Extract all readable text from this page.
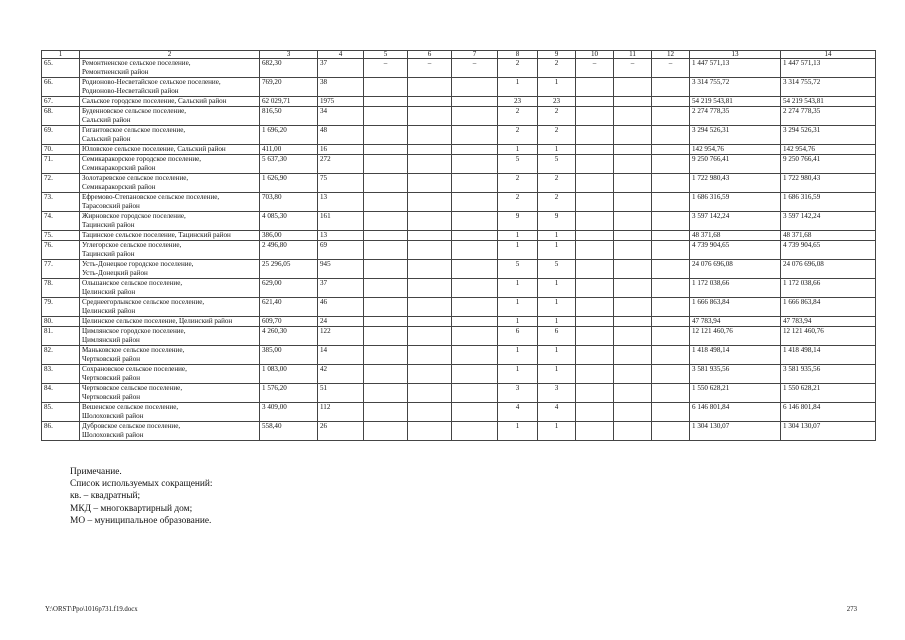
1	2	3	4	5	6	7	8	9	10	11	12	13	14
65.	Ремонтненское сельское поселение,
Ремонтненский район	682,30	37	–	–	–	2	2	–	–	–	1 447 571,13	1 447 571,13
66.	Родионово-Несветайское сельское поселение,
Родионово-Несветайский район	769,20	38				1	1				3 314 755,72	3 314 755,72
67.	Сальское городское поселение, Сальский район	62 029,71	1975				23	23				54 219 543,81	54 219 543,81
68.	Буденновское сельское поселение,
Сальский район	816,50	34				2	2				2 274 778,35	2 274 778,35
69.	Гигантовское сельское поселение,
Сальский район	1 696,20	48				2	2				3 294 526,31	3 294 526,31
70.	Юловское сельское поселение, Сальский район	411,00	16				1	1				142 954,76	142 954,76
71.	Семикаракорское городское поселение,
Семикаракорский район	5 637,30	272				5	5				9 250 766,41	9 250 766,41
72.	Золотаревское сельское поселение,
Семикаракорский район	1 626,90	75				2	2				1 722 980,43	1 722 980,43
73.	Ефремово-Степановское сельское поселение,
Тарасовский район	703,80	13				2	2				1 686 316,59	1 686 316,59
74.	Жирновское городское поселение,
Тацинский район	4 085,30	161				9	9				3 597 142,24	3 597 142,24
75.	Тацинское сельское поселение, Тацинский район	386,00	13				1	1				48 371,68	48 371,68
76.	Углегорское сельское поселение,
Тацинский район	2 496,80	69				1	1				4 739 904,65	4 739 904,65
77.	Усть-Донецкое городское поселение,
Усть-Донецкий район	25 296,05	945				5	5				24 076 696,08	24 076 696,08
78.	Ольшанское сельское поселение,
Целинский район	629,00	37				1	1				1 172 038,66	1 172 038,66
79.	Среднеегорлыкское сельское поселение,
Целинский район	621,40	46				1	1				1 666 863,84	1 666 863,84
80.	Целинское сельское поселение, Целинский район	609,70	24				1	1				47 783,94	47 783,94
81.	Цимлянское городское поселение,
Цимлянский район	4 260,30	122				6	6				12 121 460,76	12 121 460,76
82.	Маньковское сельское поселение,
Чертковский район	385,00	14				1	1				1 418 498,14	1 418 498,14
83.	Сохрановское сельское поселение,
Чертковский район	1 083,00	42				1	1				3 581 935,56	3 581 935,56
84.	Чертковское сельское поселение,
Чертковский район	1 576,20	51				3	3				1 550 628,21	1 550 628,21
85.	Вешенское сельское поселение,
Шолоховский район	3 409,00	112				4	4				6 146 801,84	6 146 801,84
86.	Дубровское сельское поселение,
Шолоховский район	558,40	26				1	1				1 304 130,07	1 304 130,07
Примечание.
Список используемых сокращений:
кв. – квадратный;
МКД – многоквартирный дом;
МО – муниципальное образование.
Y:\ORST\Ppo\1016p731.f19.docx	273
